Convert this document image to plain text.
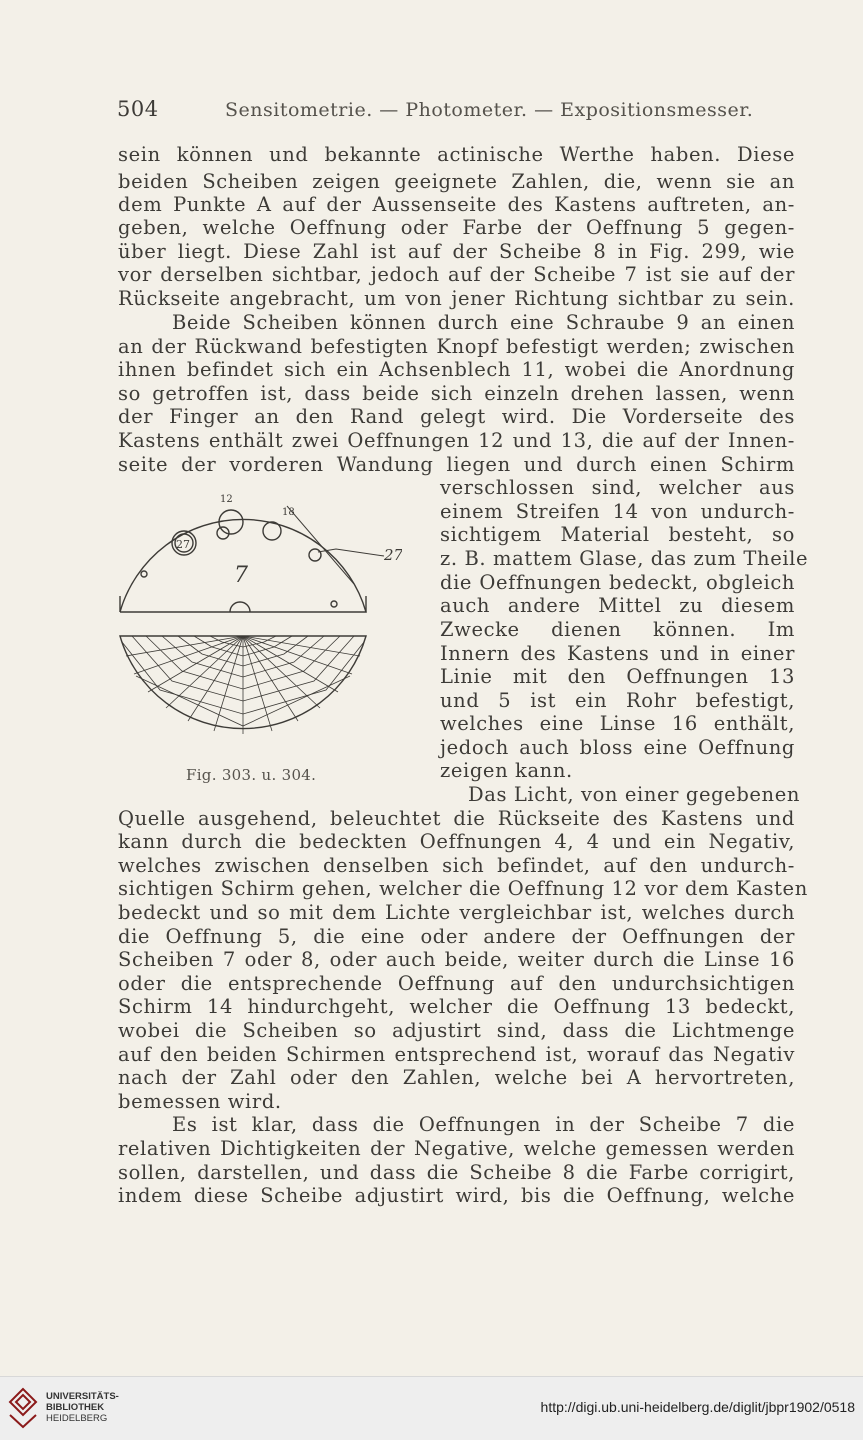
504	Sensitometrie. — Photometer. — Expositionsmesser.
sein können und bekannte actinische Werthe haben. Diese
beiden Scheiben zeigen geeignete Zahlen, die, wenn sie an
dem Punkte A auf der Aussenseite des Kastens auftreten, an-
geben, welche Oeffnung oder Farbe der Oeffnung 5 gegen-
über liegt. Diese Zahl ist auf der Scheibe 8 in Fig. 299, wie
vor derselben sichtbar, jedoch auf der Scheibe 7 ist sie auf der
Rückseite angebracht, um von jener Richtung sichtbar zu sein.
Beide Scheiben können durch eine Schraube 9 an einen
an der Rückwand befestigten Knopf befestigt werden; zwischen
ihnen befindet sich ein Achsenblech 11, wobei die Anordnung
so getroffen ist, dass beide sich einzeln drehen lassen, wenn
der Finger an den Rand gelegt wird. Die Vorderseite des
Kastens enthält zwei Oeffnungen 12 und 13, die auf der Innen-
seite der vorderen Wandung liegen und durch einen Schirm
verschlossen sind, welcher aus
einem Streifen 14 von undurch-
sichtigem Material besteht, so
z. B. mattem Glase, das zum Theile
die Oeffnungen bedeckt, obgleich
auch andere Mittel zu diesem
Zwecke dienen können. Im
Innern des Kastens und in einer
Linie mit den Oeffnungen 13
und 5 ist ein Rohr befestigt,
welches eine Linse 16 enthält,
jedoch auch bloss eine Oeffnung
zeigen kann.
Das Licht, von einer gegebenen
Quelle ausgehend, beleuchtet die Rückseite des Kastens und
kann durch die bedeckten Oeffnungen 4, 4 und ein Negativ,
welches zwischen denselben sich befindet, auf den undurch-
sichtigen Schirm gehen, welcher die Oeffnung 12 vor dem Kasten
bedeckt und so mit dem Lichte vergleichbar ist, welches durch
die Oeffnung 5, die eine oder andere der Oeffnungen der
Scheiben 7 oder 8, oder auch beide, weiter durch die Linse 16
oder die entsprechende Oeffnung auf den undurchsichtigen
Schirm 14 hindurchgeht, welcher die Oeffnung 13 bedeckt,
wobei die Scheiben so adjustirt sind, dass die Lichtmenge
auf den beiden Schirmen entsprechend ist, worauf das Negativ
nach der Zahl oder den Zahlen, welche bei A hervortreten,
bemessen wird.
Es ist klar, dass die Oeffnungen in der Scheibe 7 die
relativen Dichtigkeiten der Negative, welche gemessen werden
sollen, darstellen, und dass die Scheibe 8 die Farbe corrigirt,
indem diese Scheibe adjustirt wird, bis die Oeffnung, welche
12
18
27
27
7
Fig. 303. u. 304.
UNIVERSITÄTS-
BIBLIOTHEK
HEIDELBERG
http://digi.ub.uni-heidelberg.de/diglit/jbpr1902/0518
